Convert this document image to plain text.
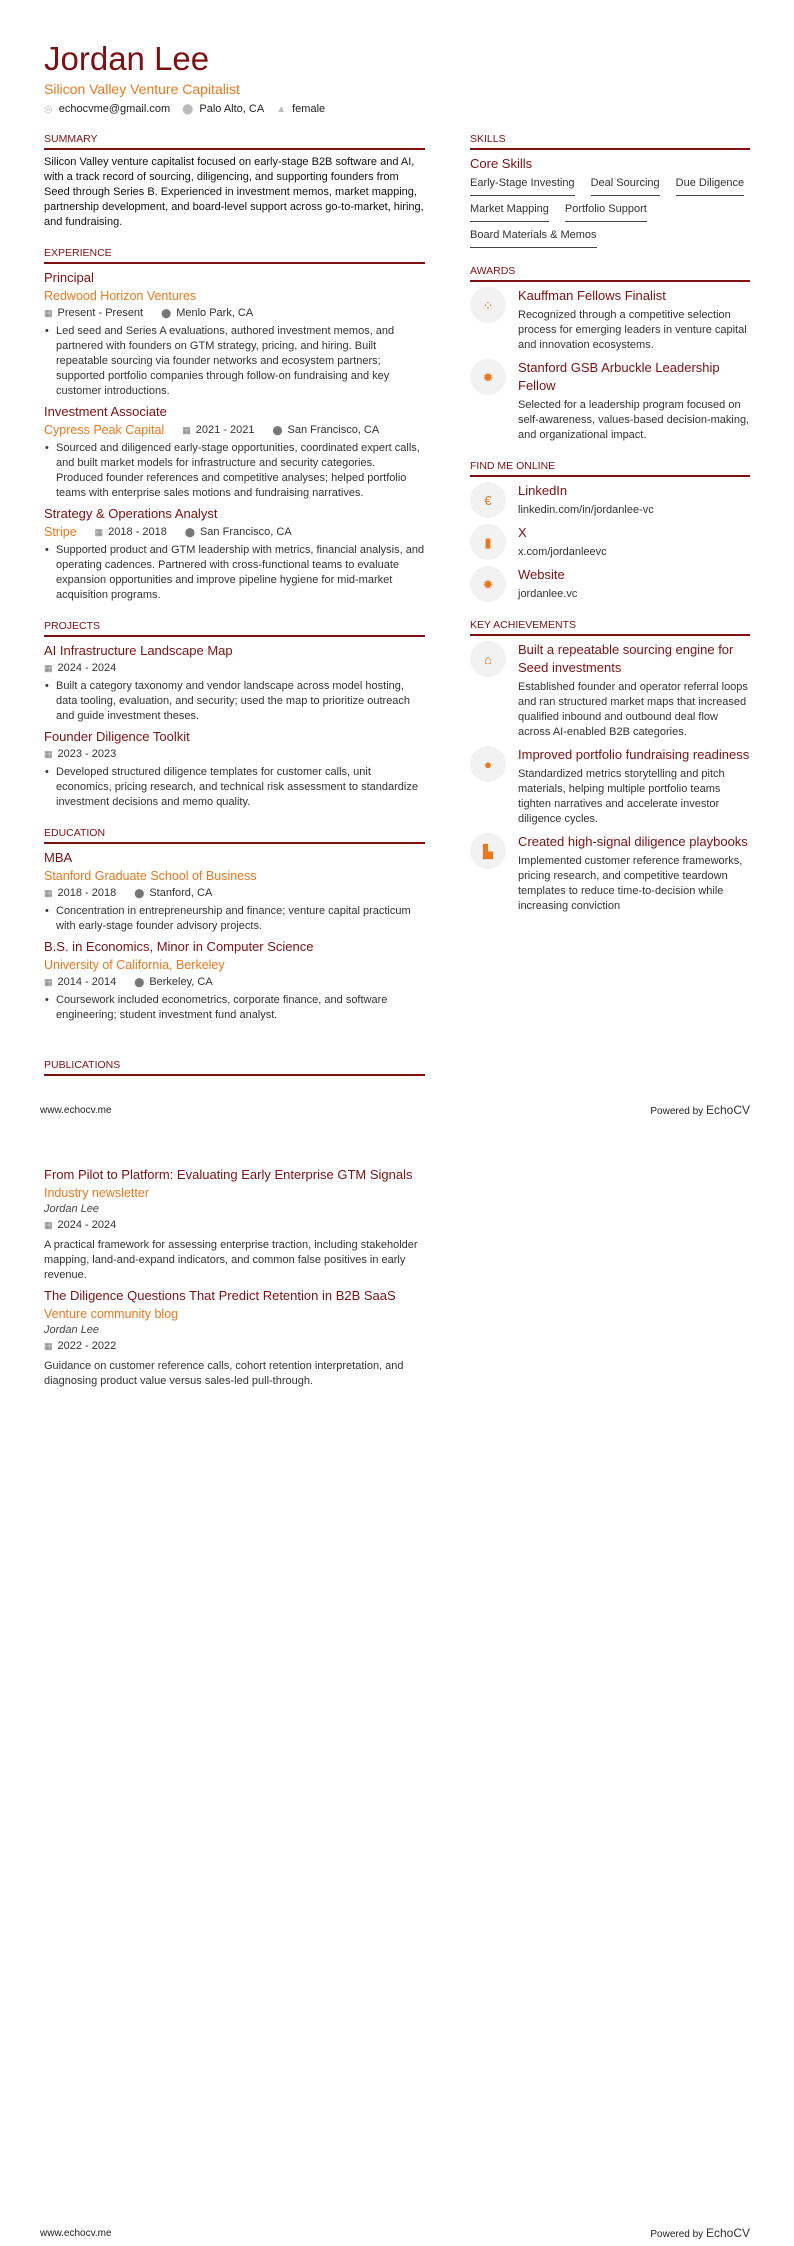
Jordan Lee
Silicon Valley Venture Capitalist
◎ echocvme@gmail.com ⬤ Palo Alto, CA ▲ female
SUMMARY
Silicon Valley venture capitalist focused on early-stage B2B software and AI, with a track record of sourcing, diligencing, and supporting founders from Seed through Series B. Experienced in investment memos, market mapping, partnership development, and board-level support across go-to-market, hiring, and fundraising.
EXPERIENCE
Principal
Redwood Horizon Ventures
▦ Present - Present ⬤ Menlo Park, CA
• Led seed and Series A evaluations, authored investment memos, and partnered with founders on GTM strategy, pricing, and hiring. Built repeatable sourcing via founder networks and ecosystem partners; supported portfolio companies through follow-on fundraising and key customer introductions.
Investment Associate
Cypress Peak Capital ▦ 2021 - 2021 ⬤ San Francisco, CA
• Sourced and diligenced early-stage opportunities, coordinated expert calls, and built market models for infrastructure and security categories. Produced founder references and competitive analyses; helped portfolio teams with enterprise sales motions and fundraising narratives.
Strategy & Operations Analyst
Stripe ▦ 2018 - 2018 ⬤ San Francisco, CA
• Supported product and GTM leadership with metrics, financial analysis, and operating cadences. Partnered with cross-functional teams to evaluate expansion opportunities and improve pipeline hygiene for mid-market acquisition programs.
PROJECTS
AI Infrastructure Landscape Map
▦ 2024 - 2024
• Built a category taxonomy and vendor landscape across model hosting, data tooling, evaluation, and security; used the map to prioritize outreach and guide investment theses.
Founder Diligence Toolkit
▦ 2023 - 2023
• Developed structured diligence templates for customer calls, unit economics, pricing research, and technical risk assessment to standardize investment decisions and memo quality.
EDUCATION
MBA
Stanford Graduate School of Business
▦ 2018 - 2018 ⬤ Stanford, CA
• Concentration in entrepreneurship and finance; venture capital practicum with early-stage founder advisory projects.
B.S. in Economics, Minor in Computer Science
University of California, Berkeley
▦ 2014 - 2014 ⬤ Berkeley, CA
• Coursework included econometrics, corporate finance, and software engineering; student investment fund analyst.
PUBLICATIONS
From Pilot to Platform: Evaluating Early Enterprise GTM Signals
Industry newsletter
Jordan Lee
▦ 2024 - 2024
A practical framework for assessing enterprise traction, including stakeholder mapping, land-and-expand indicators, and common false positives in early revenue.
The Diligence Questions That Predict Retention in B2B SaaS
Venture community blog
Jordan Lee
▦ 2022 - 2022
Guidance on customer reference calls, cohort retention interpretation, and diagnosing product value versus sales-led pull-through.
SKILLS
Core Skills
Early-Stage Investing Deal Sourcing Due Diligence
Market Mapping Portfolio Support
Board Materials & Memos
AWARDS
⁘
Kauffman Fellows Finalist
Recognized through a competitive selection process for emerging leaders in venture capital and innovation ecosystems.
✹
Stanford GSB Arbuckle Leadership Fellow
Selected for a leadership program focused on self-awareness, values-based decision-making, and organizational impact.
FIND ME ONLINE
€
LinkedIn
linkedin.com/in/jordanlee-vc
▮
X
x.com/jordanleevc
✹
Website
jordanlee.vc
KEY ACHIEVEMENTS
⌂
Built a repeatable sourcing engine for Seed investments
Established founder and operator referral loops and ran structured market maps that increased qualified inbound and outbound deal flow across AI-enabled B2B categories.
●
Improved portfolio fundraising readiness
Standardized metrics storytelling and pitch materials, helping multiple portfolio teams tighten narratives and accelerate investor diligence cycles.
▙
Created high-signal diligence playbooks
Implemented customer reference frameworks, pricing research, and competitive teardown templates to reduce time-to-decision while increasing conviction
www.echocv.me	Powered by EchoCV
www.echocv.me	Powered by EchoCV
